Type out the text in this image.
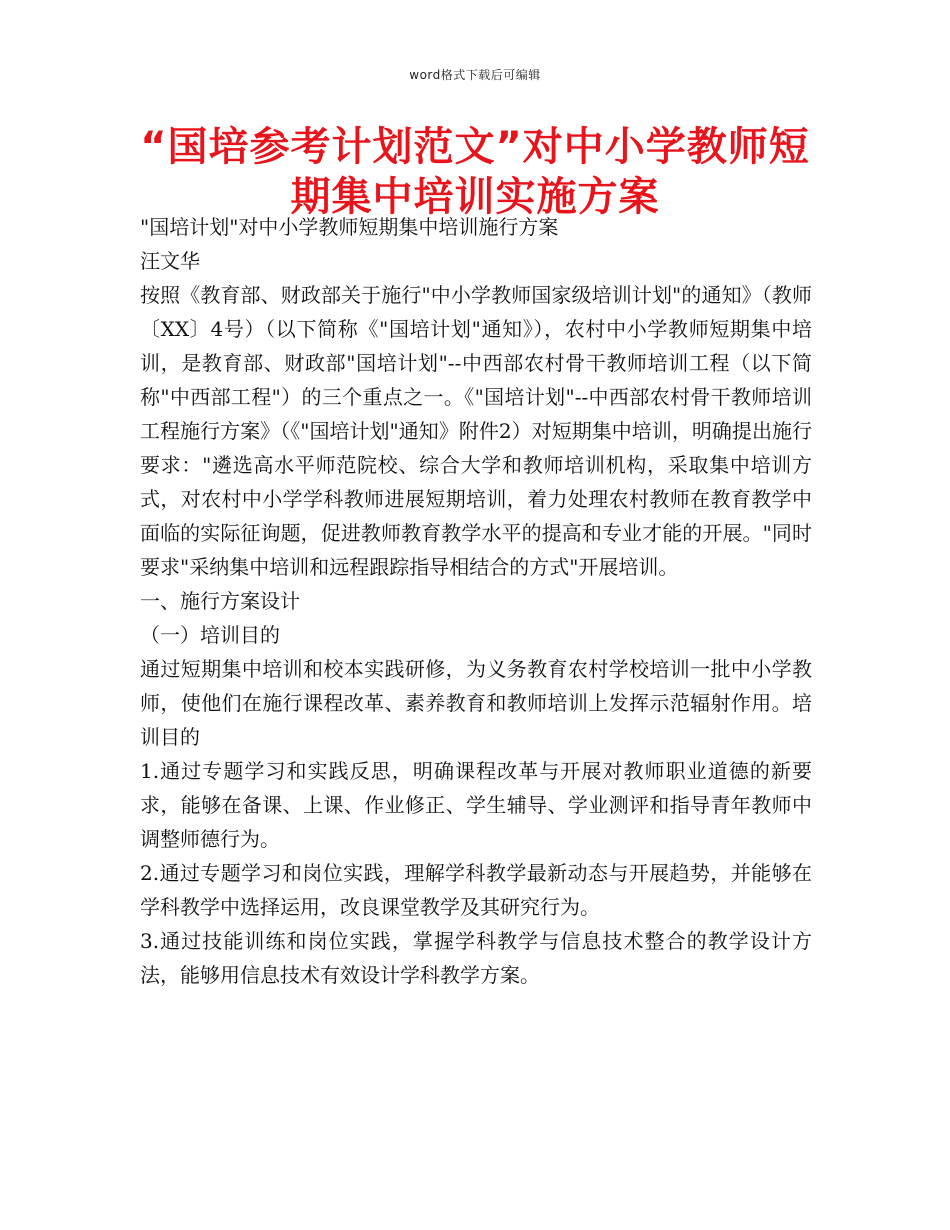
word格式下载后可编辑
“国培参考计划范文”对中小学教师短期集中培训实施方案

"国培计划"对中小学教师短期集中培训施行方案

汪文华

按照《教育部、财政部关于施行"中小学教师国家级培训计划"的通知》（教师〔XX〕4号）（以下简称《"国培计划"通知》），农村中小学教师短期集中培训，是教育部、财政部"国培计划"--中西部农村骨干教师培训工程（以下简称"中西部工程"）的三个重点之一。《"国培计划"--中西部农村骨干教师培训工程施行方案》（《"国培计划"通知》附件2）对短期集中培训，明确提出施行要求："遴选高水平师范院校、综合大学和教师培训机构，采取集中培训方式，对农村中小学学科教师进展短期培训，着力处理农村教师在教育教学中面临的实际征询题，促进教师教育教学水平的提高和专业才能的开展。"同时要求"采纳集中培训和远程跟踪指导相结合的方式"开展培训。

一、施行方案设计

（一）培训目的

通过短期集中培训和校本实践研修，为义务教育农村学校培训一批中小学教师，使他们在施行课程改革、素养教育和教师培训上发挥示范辐射作用。培训目的

1.通过专题学习和实践反思，明确课程改革与开展对教师职业道德的新要求，能够在备课、上课、作业修正、学生辅导、学业测评和指导青年教师中调整师德行为。

2.通过专题学习和岗位实践，理解学科教学最新动态与开展趋势，并能够在学科教学中选择运用，改良课堂教学及其研究行为。

3.通过技能训练和岗位实践，掌握学科教学与信息技术整合的教学设计方法，能够用信息技术有效设计学科教学方案。
